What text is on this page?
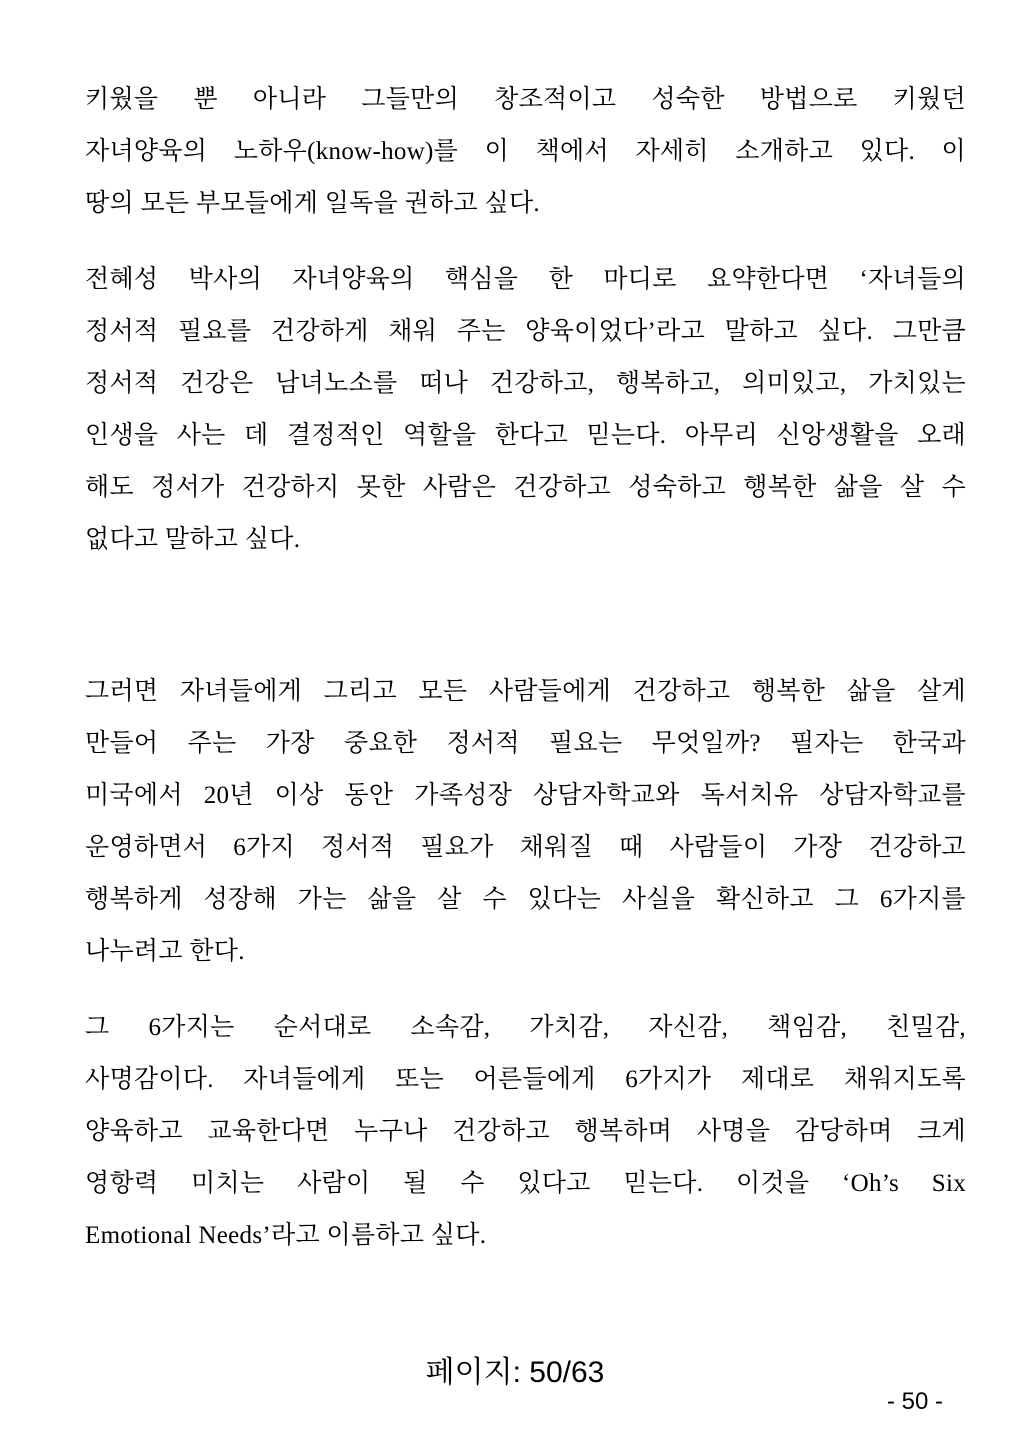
키웠을 뿐 아니라 그들만의 창조적이고 성숙한 방법으로 키웠던
자녀양육의 노하우(know-how)를 이 책에서 자세히 소개하고 있다. 이
땅의 모든 부모들에게 일독을 권하고 싶다.
전혜성 박사의 자녀양육의 핵심을 한 마디로 요약한다면 ‘자녀들의
정서적 필요를 건강하게 채워 주는 양육이었다’라고 말하고 싶다. 그만큼
정서적 건강은 남녀노소를 떠나 건강하고, 행복하고, 의미있고, 가치있는
인생을 사는 데 결정적인 역할을 한다고 믿는다. 아무리 신앙생활을 오래
해도 정서가 건강하지 못한 사람은 건강하고 성숙하고 행복한 삶을 살 수
없다고 말하고 싶다.

그러면 자녀들에게 그리고 모든 사람들에게 건강하고 행복한 삶을 살게
만들어 주는 가장 중요한 정서적 필요는 무엇일까? 필자는 한국과
미국에서 20년 이상 동안 가족성장 상담자학교와 독서치유 상담자학교를
운영하면서 6가지 정서적 필요가 채워질 때 사람들이 가장 건강하고
행복하게 성장해 가는 삶을 살 수 있다는 사실을 확신하고 그 6가지를
나누려고 한다.
그 6가지는 순서대로 소속감, 가치감, 자신감, 책임감, 친밀감,
사명감이다. 자녀들에게 또는 어른들에게 6가지가 제대로 채워지도록
양육하고 교육한다면 누구나 건강하고 행복하며 사명을 감당하며 크게
영항력 미치는 사람이 될 수 있다고 믿는다. 이것을 ‘Oh’s Six
Emotional Needs’라고 이름하고 싶다.
페이지: 50/63
- 50 -
